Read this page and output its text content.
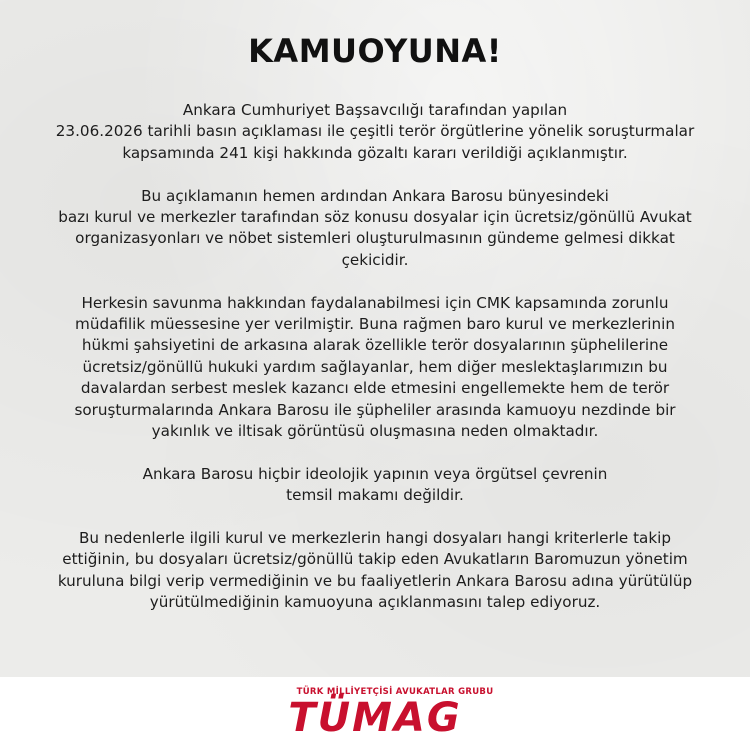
KAMUOYUNA!

Ankara Cumhuriyet Başsavcılığı tarafından yapılan
23.06.2026 tarihli basın açıklaması ile çeşitli terör örgütlerine yönelik soruşturmalar
kapsamında 241 kişi hakkında gözaltı kararı verildiği açıklanmıştır.

Bu açıklamanın hemen ardından Ankara Barosu bünyesindeki
bazı kurul ve merkezler tarafından söz konusu dosyalar için ücretsiz/gönüllü Avukat
organizasyonları ve nöbet sistemleri oluşturulmasının gündeme gelmesi dikkat
çekicidir.

Herkesin savunma hakkından faydalanabilmesi için CMK kapsamında zorunlu
müdafilik müessesine yer verilmiştir. Buna rağmen baro kurul ve merkezlerinin
hükmi şahsiyetini de arkasına alarak özellikle terör dosyalarının şüphelilerine
ücretsiz/gönüllü hukuki yardım sağlayanlar, hem diğer meslektaşlarımızın bu
davalardan serbest meslek kazancı elde etmesini engellemekte hem de terör
soruşturmalarında Ankara Barosu ile şüpheliler arasında kamuoyu nezdinde bir
yakınlık ve iltisak görüntüsü oluşmasına neden olmaktadır.

Ankara Barosu hiçbir ideolojik yapının veya örgütsel çevrenin
temsil makamı değildir.

Bu nedenlerle ilgili kurul ve merkezlerin hangi dosyaları hangi kriterlerle takip
ettiğinin, bu dosyaları ücretsiz/gönüllü takip eden Avukatların Baromuzun yönetim
kuruluna bilgi verip vermediğinin ve bu faaliyetlerin Ankara Barosu adına yürütülüp
yürütülmediğinin kamuoyuna açıklanmasını talep ediyoruz.

TÜRK MİLLİYETÇİSİ AVUKATLAR GRUBU
TÜMAG
